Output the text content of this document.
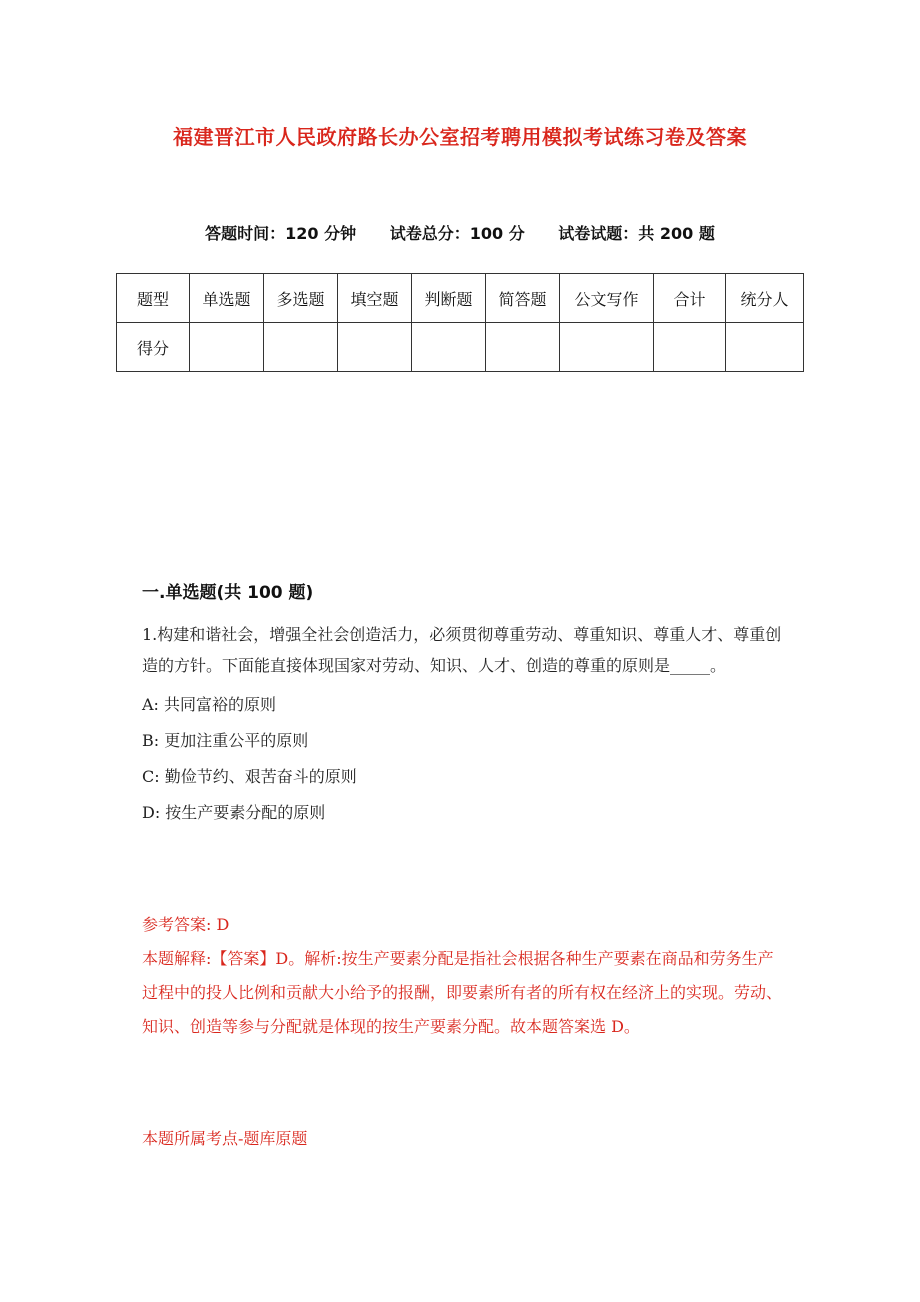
福建晋江市人民政府路长办公室招考聘用模拟考试练习卷及答案
答题时间：120 分钟 试卷总分：100 分 试卷试题：共 200 题
题型	单选题	多选题	填空题	判断题	简答题	公文写作	合计	统分人
得分								
一.单选题(共 100 题)

1.构建和谐社会，增强全社会创造活力，必须贯彻尊重劳动、尊重知识、尊重人才、尊重创造的方针。下面能直接体现国家对劳动、知识、人才、创造的尊重的原则是_____。

A: 共同富裕的原则

B: 更加注重公平的原则

C: 勤俭节约、艰苦奋斗的原则

D: 按生产要素分配的原则

参考答案: D

本题解释:【答案】D。解析:按生产要素分配是指社会根据各种生产要素在商品和劳务生产过程中的投人比例和贡献大小给予的报酬，即要素所有者的所有权在经济上的实现。劳动、知识、创造等参与分配就是体现的按生产要素分配。故本题答案选 D。

本题所属考点-题库原题
